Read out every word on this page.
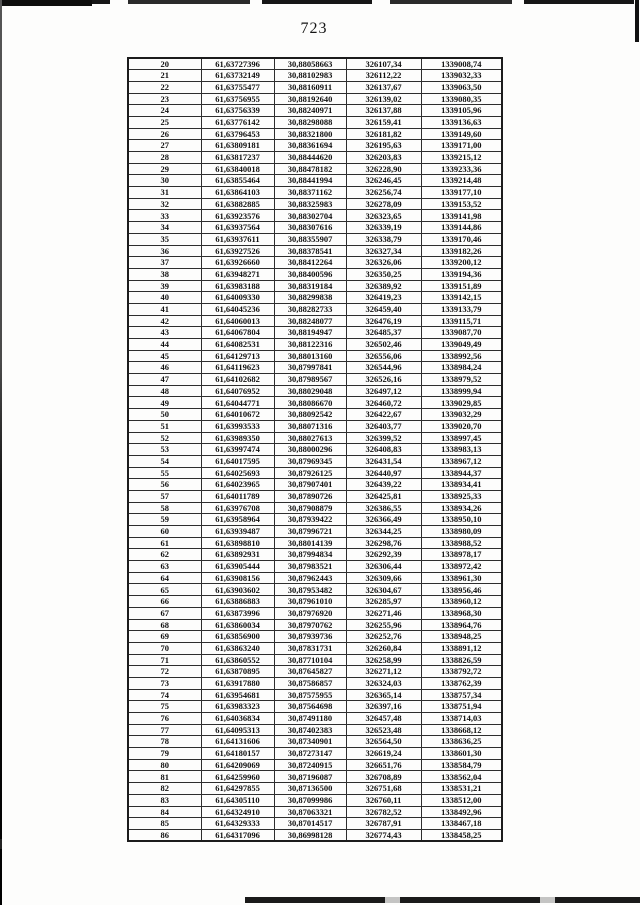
723
20	61,63727396	30,88058663	326107,34	1339008,74
21	61,63732149	30,88102983	326112,22	1339032,33
22	61,63755477	30,88160911	326137,67	1339063,50
23	61,63756955	30,88192640	326139,02	1339080,35
24	61,63756339	30,88240971	326137,88	1339105,96
25	61,63776142	30,88298088	326159,41	1339136,63
26	61,63796453	30,88321800	326181,82	1339149,60
27	61,63809181	30,88361694	326195,63	1339171,00
28	61,63817237	30,88444620	326203,83	1339215,12
29	61,63840018	30,88478182	326228,90	1339233,36
30	61,63855464	30,88441994	326246,45	1339214,48
31	61,63864103	30,88371162	326256,74	1339177,10
32	61,63882885	30,88325983	326278,09	1339153,52
33	61,63923576	30,88302704	326323,65	1339141,98
34	61,63937564	30,88307616	326339,19	1339144,86
35	61,63937611	30,88355907	326338,79	1339170,46
36	61,63927526	30,88378541	326327,34	1339182,26
37	61,63926660	30,88412264	326326,06	1339200,12
38	61,63948271	30,88400596	326350,25	1339194,36
39	61,63983188	30,88319184	326389,92	1339151,89
40	61,64009330	30,88299838	326419,23	1339142,15
41	61,64045236	30,88282733	326459,40	1339133,79
42	61,64060013	30,88248077	326476,19	1339115,71
43	61,64067804	30,88194947	326485,37	1339087,70
44	61,64082531	30,88122316	326502,46	1339049,49
45	61,64129713	30,88013160	326556,06	1338992,56
46	61,64119623	30,87997841	326544,96	1338984,24
47	61,64102682	30,87989567	326526,16	1338979,52
48	61,64076952	30,88029048	326497,12	1338999,94
49	61,64044771	30,88086670	326460,72	1339029,85
50	61,64010672	30,88092542	326422,67	1339032,29
51	61,63993533	30,88071316	326403,77	1339020,70
52	61,63989350	30,88027613	326399,52	1338997,45
53	61,63997474	30,88000296	326408,83	1338983,13
54	61,64017595	30,87969345	326431,54	1338967,12
55	61,64025693	30,87926125	326440,97	1338944,37
56	61,64023965	30,87907401	326439,22	1338934,41
57	61,64011789	30,87890726	326425,81	1338925,33
58	61,63976708	30,87908879	326386,55	1338934,26
59	61,63958964	30,87939422	326366,49	1338950,10
60	61,63939487	30,87996721	326344,25	1338980,09
61	61,63898810	30,88014139	326298,76	1338988,52
62	61,63892931	30,87994834	326292,39	1338978,17
63	61,63905444	30,87983521	326306,44	1338972,42
64	61,63908156	30,87962443	326309,66	1338961,30
65	61,63903602	30,87953482	326304,67	1338956,46
66	61,63886883	30,87961010	326285,97	1338960,12
67	61,63873996	30,87976920	326271,46	1338968,30
68	61,63860034	30,87970762	326255,96	1338964,76
69	61,63856900	30,87939736	326252,76	1338948,25
70	61,63863240	30,87831731	326260,84	1338891,12
71	61,63860552	30,87710104	326258,99	1338826,59
72	61,63870895	30,87645827	326271,12	1338792,72
73	61,63917880	30,87586857	326324,03	1338762,39
74	61,63954681	30,87575955	326365,14	1338757,34
75	61,63983323	30,87564698	326397,16	1338751,94
76	61,64036834	30,87491180	326457,48	1338714,03
77	61,64095313	30,87402383	326523,48	1338668,12
78	61,64131606	30,87340901	326564,50	1338636,25
79	61,64180157	30,87273147	326619,24	1338601,30
80	61,64209069	30,87240915	326651,76	1338584,79
81	61,64259960	30,87196087	326708,89	1338562,04
82	61,64297855	30,87136500	326751,68	1338531,21
83	61,64305110	30,87099986	326760,11	1338512,00
84	61,64324910	30,87063321	326782,52	1338492,96
85	61,64329333	30,87014517	326787,91	1338467,18
86	61,64317096	30,86998128	326774,43	1338458,25
